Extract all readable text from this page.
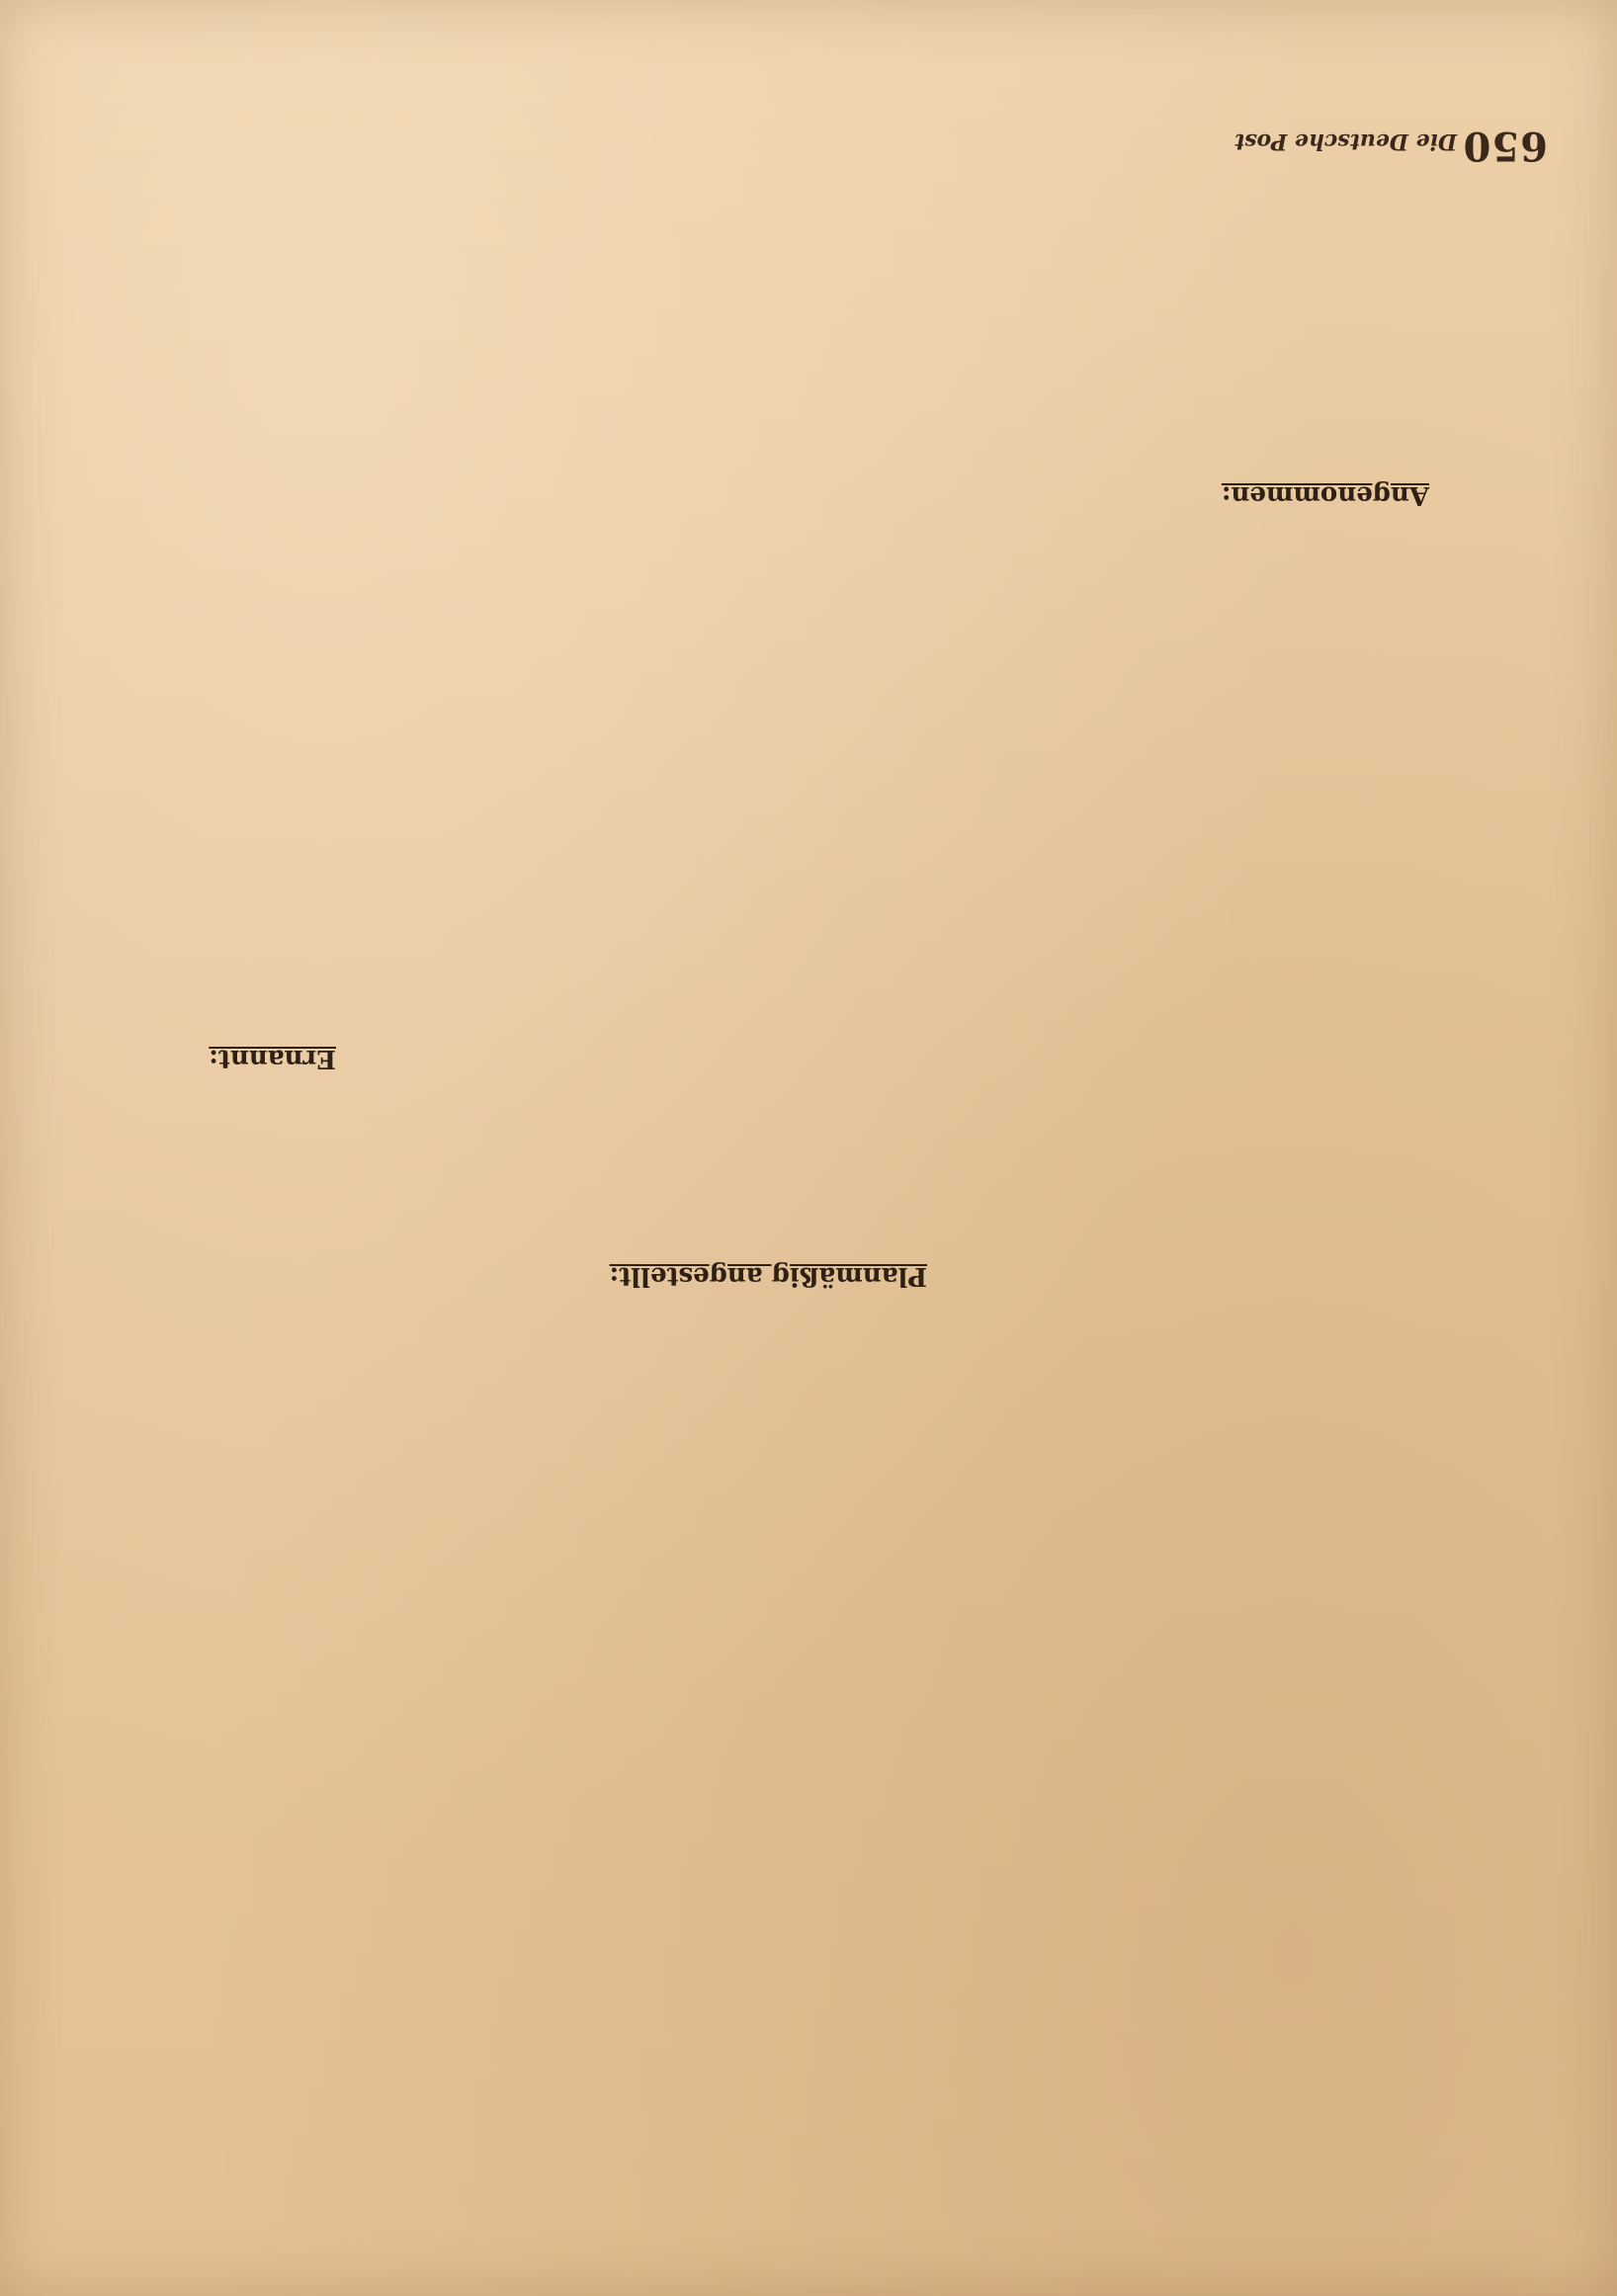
650
Die Deutsche Post
Angenommen:
Planmäßig angestellt:
Ernannt:
